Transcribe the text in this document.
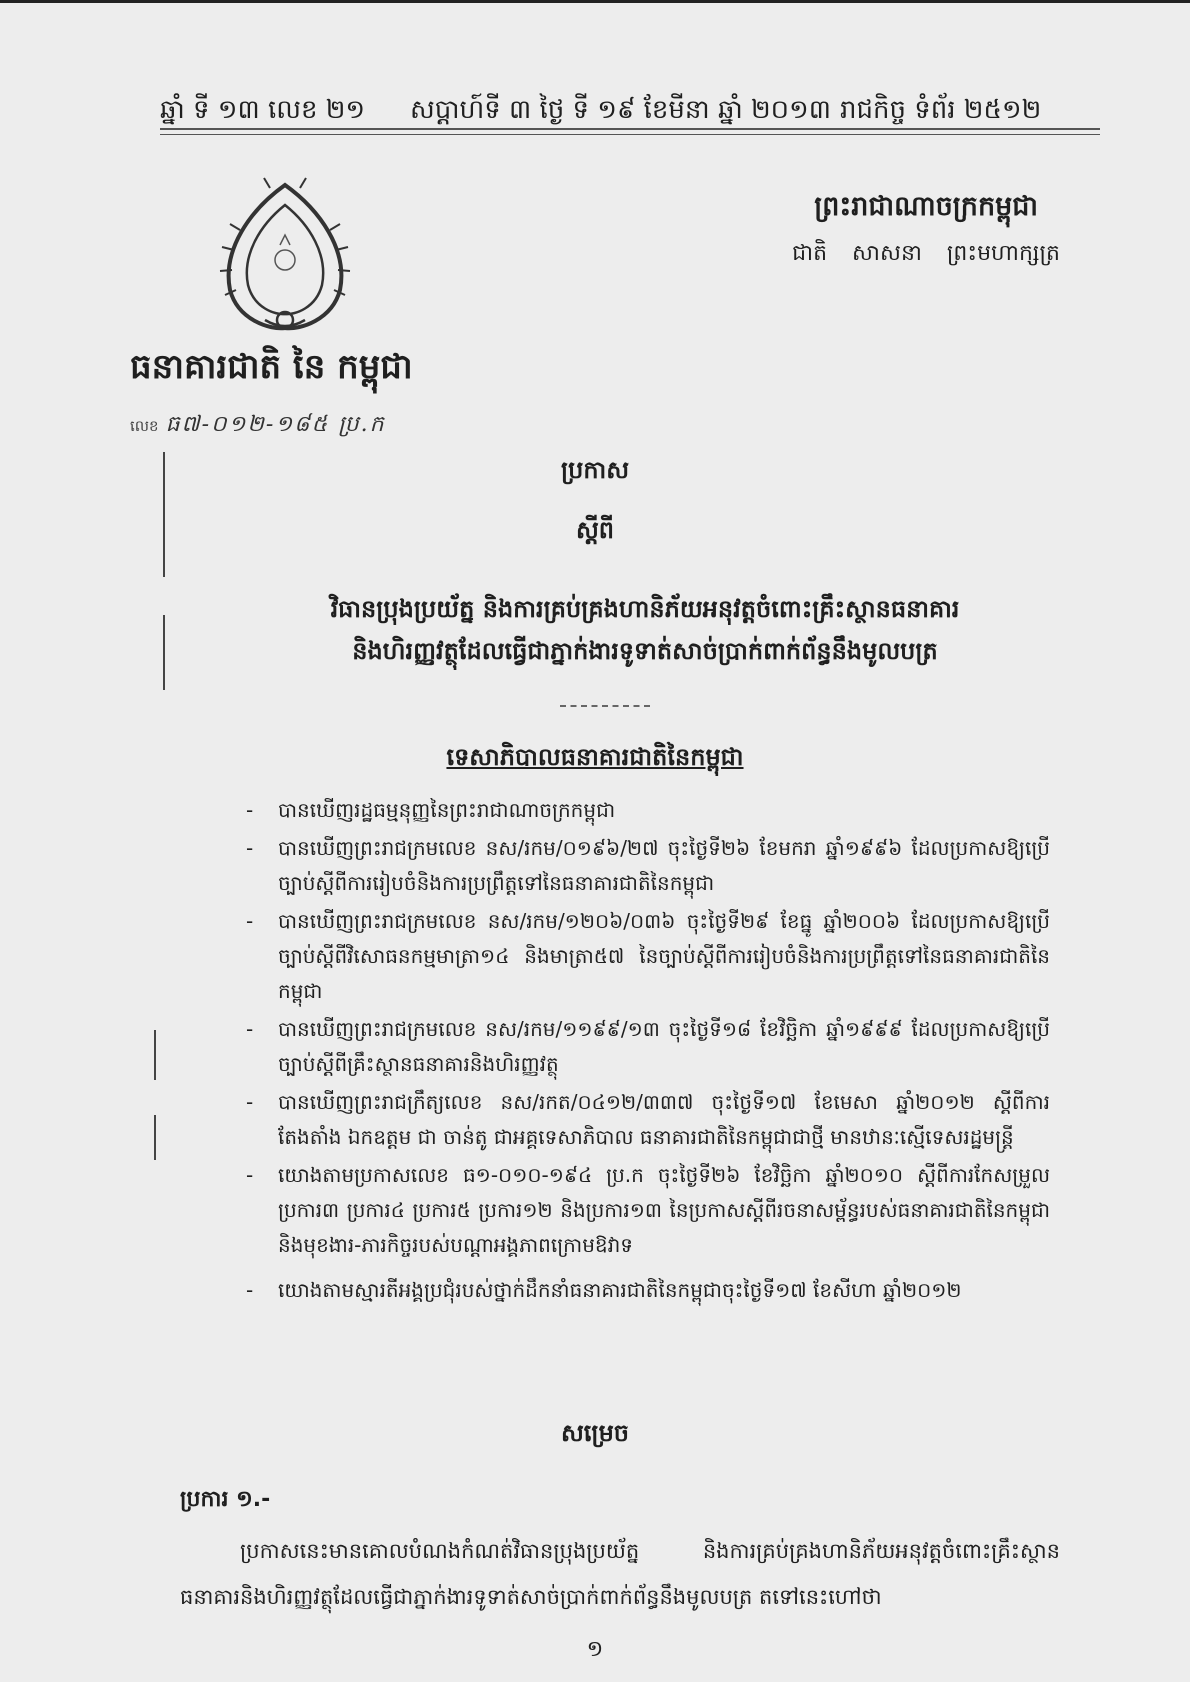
ឆ្នាំ ទី ១៣ លេខ ២១ សប្តាហ៍ទី ៣ ថ្ងៃ ទី ១៩ ខែមីនា ឆ្នាំ ២០១៣ រាជកិច្ច ទំព័រ ២៥១២
ព្រះរាជាណាចក្រកម្ពុជា
ជាតិ សាសនា ព្រះមហាក្សត្រ
ធនាគារជាតិ នៃ កម្ពុជា
លេខ ធ៧-០១២-១៨៥ ប្រ.ក
ប្រកាស
ស្តីពី
វិធានប្រុងប្រយ័ត្ន និងការគ្រប់គ្រងហានិភ័យអនុវត្តចំពោះគ្រឹះស្ថានធនាគារ
និងហិរញ្ញវត្ថុដែលធ្វើជាភ្នាក់ងារទូទាត់សាច់ប្រាក់ពាក់ព័ន្ធនឹងមូលបត្រ
ទេសាភិបាលធនាគារជាតិនៃកម្ពុជា
- បានឃើញរដ្ឋធម្មនុញ្ញនៃព្រះរាជាណាចក្រកម្ពុជា
- បានឃើញព្រះរាជក្រមលេខ នស/រកម/០១៩៦/២៧ ចុះថ្ងៃទី២៦ ខែមករា ឆ្នាំ១៩៩៦ ដែលប្រកាសឱ្យប្រើច្បាប់ស្តីពីការរៀបចំនិងការប្រព្រឹត្តទៅនៃធនាគារជាតិនៃកម្ពុជា
- បានឃើញព្រះរាជក្រមលេខ នស/រកម/១២០៦/០៣៦ ចុះថ្ងៃទី២៩ ខែធ្នូ ឆ្នាំ២០០៦ ដែលប្រកាសឱ្យប្រើច្បាប់ស្តីពីវិសោធនកម្មមាត្រា១៤ និងមាត្រា៥៧ នៃច្បាប់ស្តីពីការរៀបចំនិងការប្រព្រឹត្តទៅនៃធនាគារជាតិនៃកម្ពុជា
- បានឃើញព្រះរាជក្រមលេខ នស/រកម/១១៩៩/១៣ ចុះថ្ងៃទី១៨ ខែវិច្ឆិកា ឆ្នាំ១៩៩៩ ដែលប្រកាសឱ្យប្រើច្បាប់ស្តីពីគ្រឹះស្ថានធនាគារនិងហិរញ្ញវត្ថុ
- បានឃើញព្រះរាជក្រឹត្យលេខ នស/រកត/០៤១២/៣៣៧ ចុះថ្ងៃទី១៧ ខែមេសា ឆ្នាំ២០១២ ស្តីពីការតែងតាំង ឯកឧត្តម ជា ចាន់តូ ជាអគ្គទេសាភិបាល ធនាគារជាតិនៃកម្ពុជាជាថ្មី មានឋានៈស្មើទេសរដ្ឋមន្ត្រី
- យោងតាមប្រកាសលេខ ធ១-០១០-១៩៤ ប្រ.ក ចុះថ្ងៃទី២៦ ខែវិច្ឆិកា ឆ្នាំ២០១០ ស្តីពីការកែសម្រួលប្រការ៣ ប្រការ៤ ប្រការ៥ ប្រការ១២ និងប្រការ១៣ នៃប្រកាសស្តីពីរចនាសម្ព័ន្ធរបស់ធនាគារជាតិនៃកម្ពុជា និងមុខងារ-ភារកិច្ចរបស់បណ្តាអង្គភាពក្រោមឱវាទ
- យោងតាមស្មារតីអង្គប្រជុំរបស់ថ្នាក់ដឹកនាំធនាគារជាតិនៃកម្ពុជាចុះថ្ងៃទី១៧ ខែសីហា ឆ្នាំ២០១២
សម្រេច
ប្រការ ១.-
ប្រកាសនេះមានគោលបំណងកំណត់វិធានប្រុងប្រយ័ត្ន និងការគ្រប់គ្រងហានិភ័យអនុវត្តចំពោះគ្រឹះស្ថានធនាគារនិងហិរញ្ញវត្ថុដែលធ្វើជាភ្នាក់ងារទូទាត់សាច់ប្រាក់ពាក់ព័ន្ធនឹងមូលបត្រ តទៅនេះហៅថា
១
